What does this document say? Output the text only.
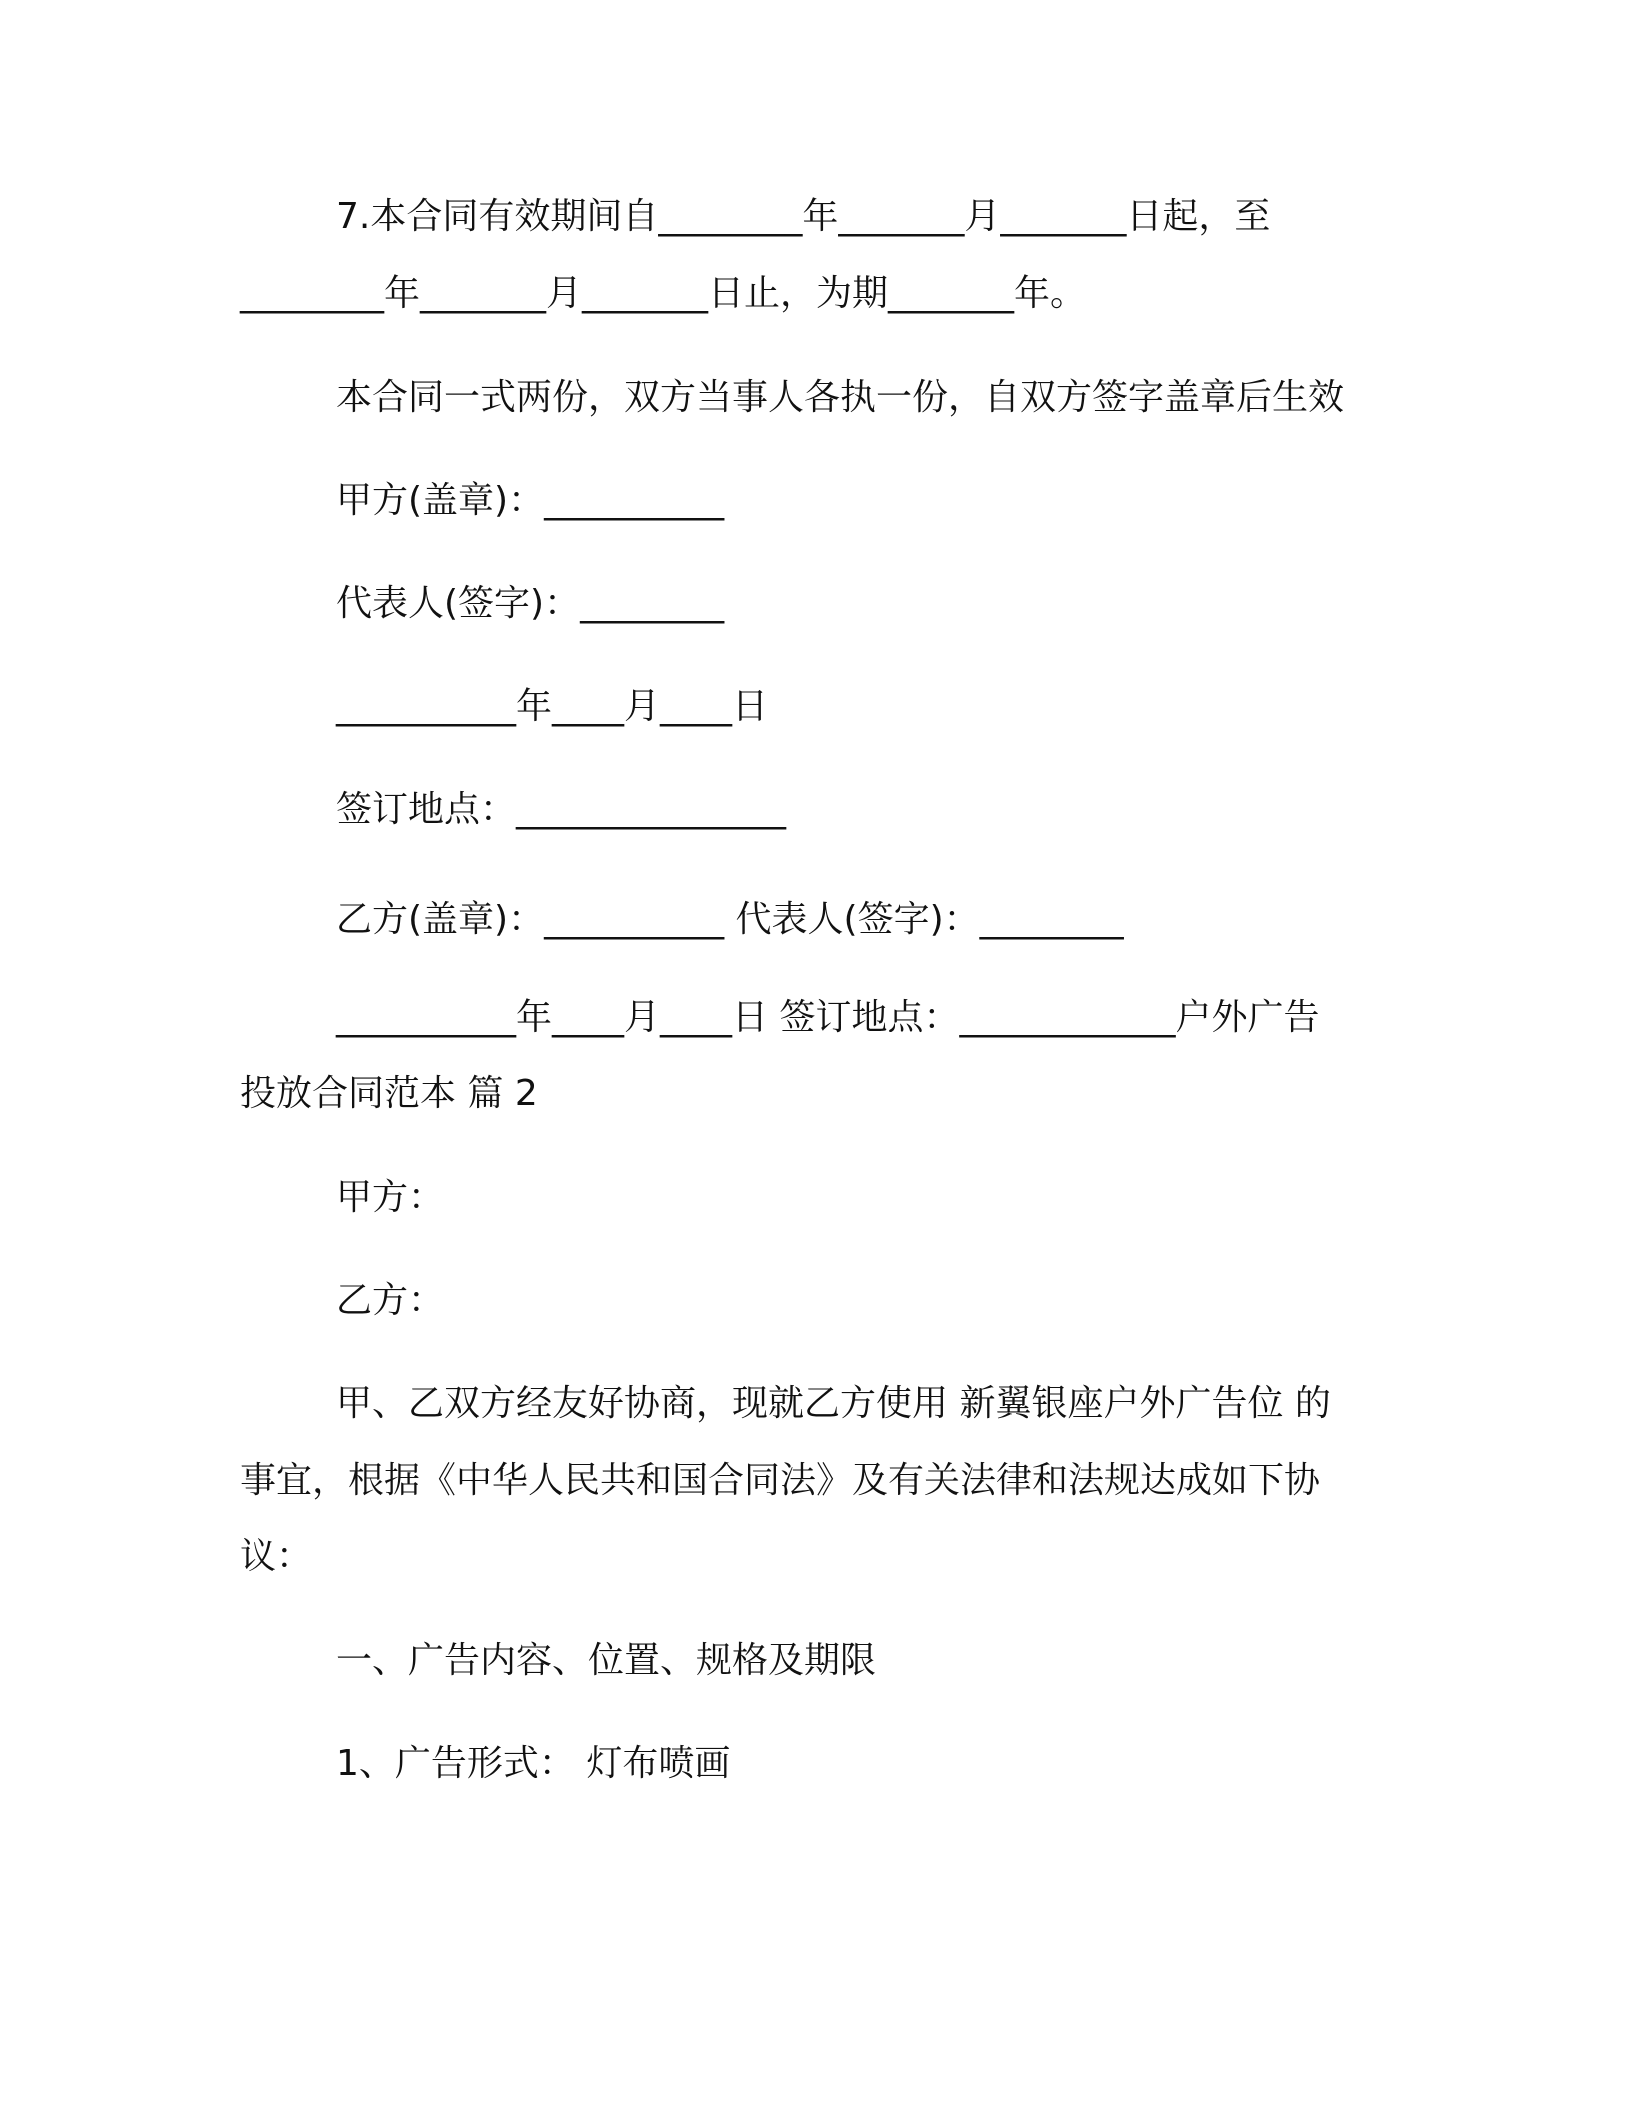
7.本合同有效期间自________年_______月_______日起，至
________年_______月_______日止，为期_______年。
本合同一式两份，双方当事人各执一份，自双方签字盖章后生效
甲方(盖章)：__________
代表人(签字)：________
__________年____月____日
签订地点：_______________
乙方(盖章)：__________ 代表人(签字)：________
__________年____月____日 签订地点：____________户外广告
投放合同范本 篇 2
甲方：
乙方：
甲、乙双方经友好协商，现就乙方使用 新翼银座户外广告位 的
事宜，根据《中华人民共和国合同法》及有关法律和法规达成如下协
议：
一、广告内容、位置、规格及期限
1、广告形式： 灯布喷画
